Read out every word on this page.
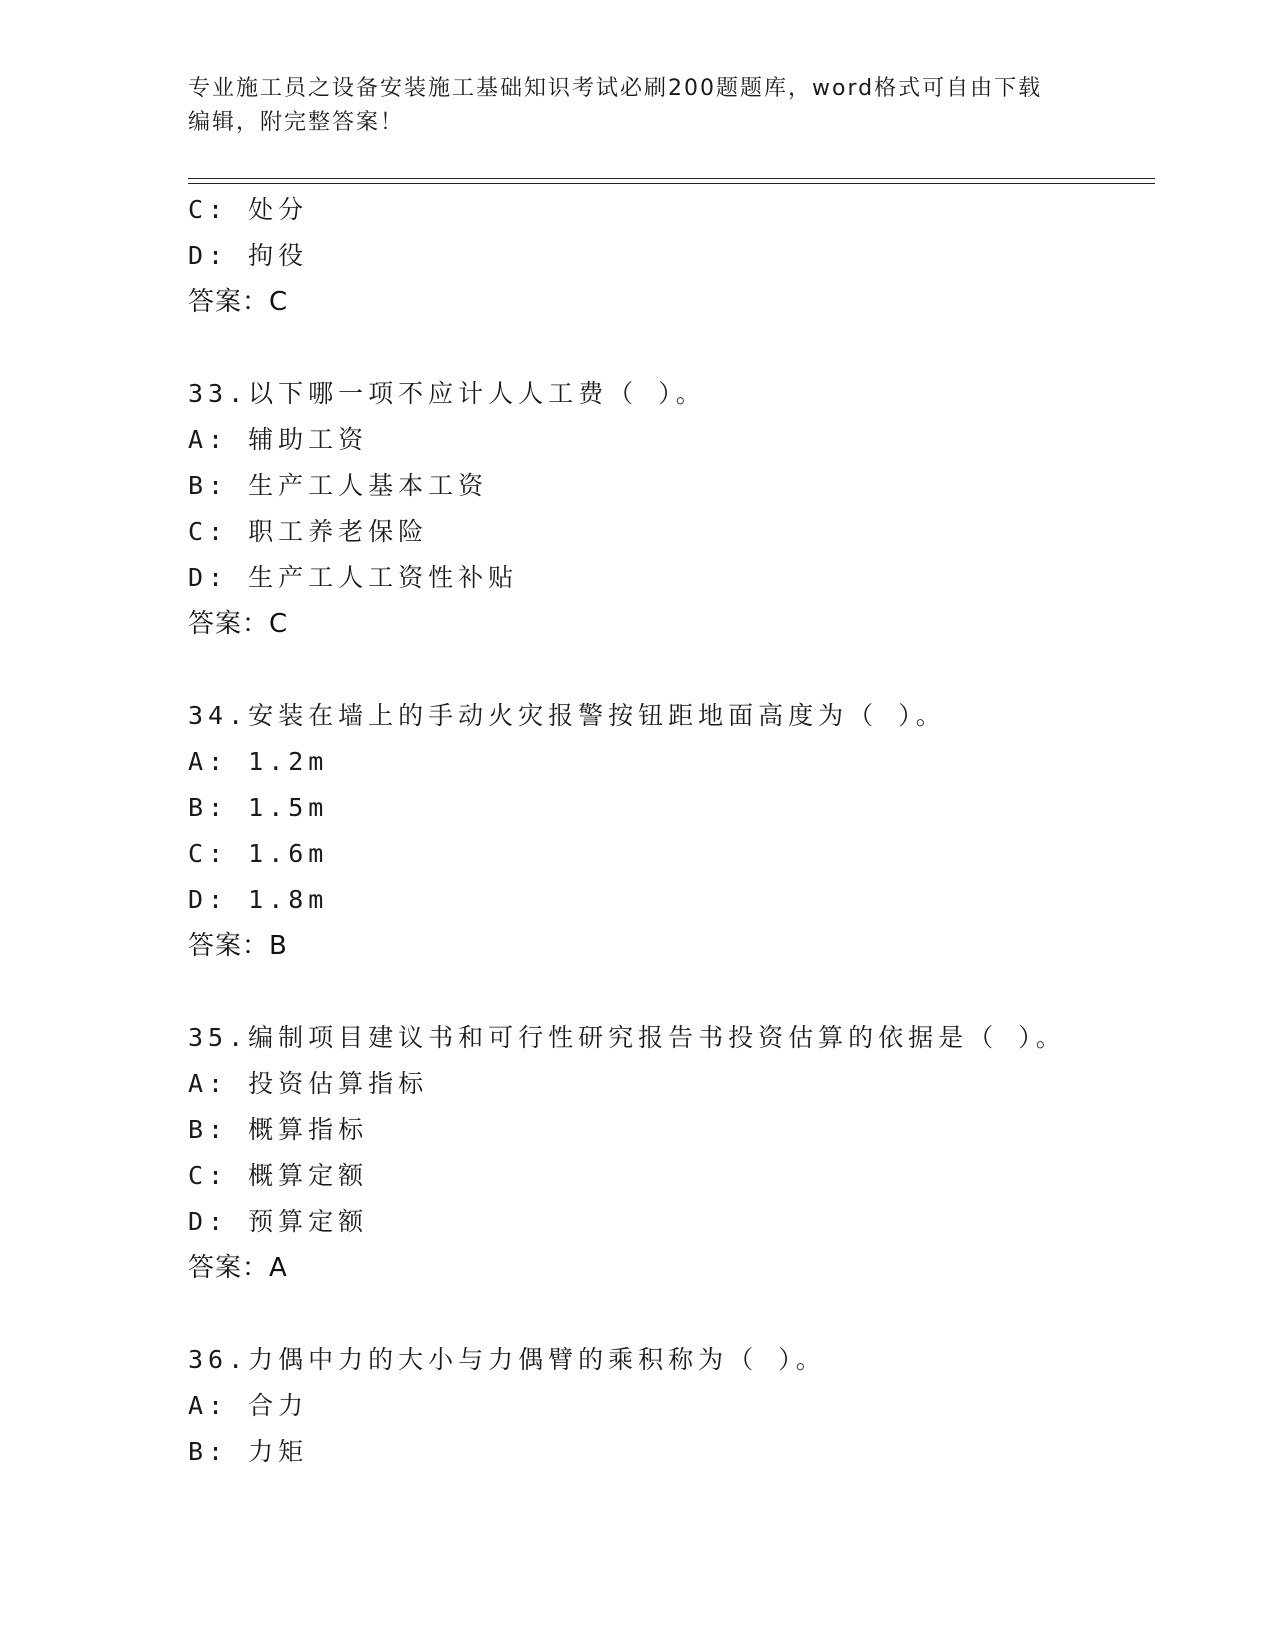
专业施工员之设备安装施工基础知识考试必刷200题题库，word格式可自由下载
编辑，附完整答案！
C: 处分
D: 拘役
答案：C
33.以下哪一项不应计人人工费（ ）。
A: 辅助工资
B: 生产工人基本工资
C: 职工养老保险
D: 生产工人工资性补贴
答案：C
34.安装在墙上的手动火灾报警按钮距地面高度为（ ）。
A: 1.2m
B: 1.5m
C: 1.6m
D: 1.8m
答案：B
35.编制项目建议书和可行性研究报告书投资估算的依据是（ ）。
A: 投资估算指标
B: 概算指标
C: 概算定额
D: 预算定额
答案：A
36.力偶中力的大小与力偶臂的乘积称为（ ）。
A: 合力
B: 力矩
